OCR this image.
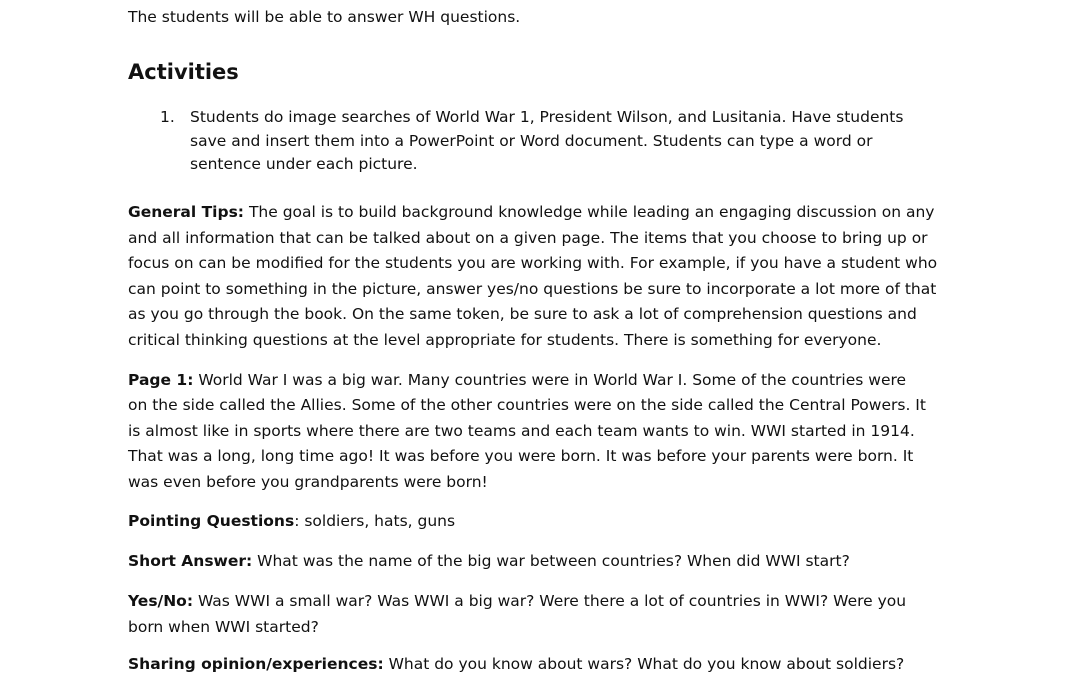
The students will be able to answer WH questions.
Activities
1. Students do image searches of World War 1, President Wilson, and Lusitania. Have students
save and insert them into a PowerPoint or Word document. Students can type a word or
sentence under each picture.
General Tips: The goal is to build background knowledge while leading an engaging discussion on any
and all information that can be talked about on a given page. The items that you choose to bring up or
focus on can be modified for the students you are working with. For example, if you have a student who
can point to something in the picture, answer yes/no questions be sure to incorporate a lot more of that
as you go through the book. On the same token, be sure to ask a lot of comprehension questions and
critical thinking questions at the level appropriate for students. There is something for everyone.
Page 1: World War I was a big war. Many countries were in World War I. Some of the countries were
on the side called the Allies. Some of the other countries were on the side called the Central Powers. It
is almost like in sports where there are two teams and each team wants to win. WWI started in 1914.
That was a long, long time ago! It was before you were born. It was before your parents were born. It
was even before you grandparents were born!
Pointing Questions: soldiers, hats, guns
Short Answer: What was the name of the big war between countries? When did WWI start?
Yes/No: Was WWI a small war? Was WWI a big war? Were there a lot of countries in WWI? Were you
born when WWI started?
Sharing opinion/experiences: What do you know about wars? What do you know about soldiers?
